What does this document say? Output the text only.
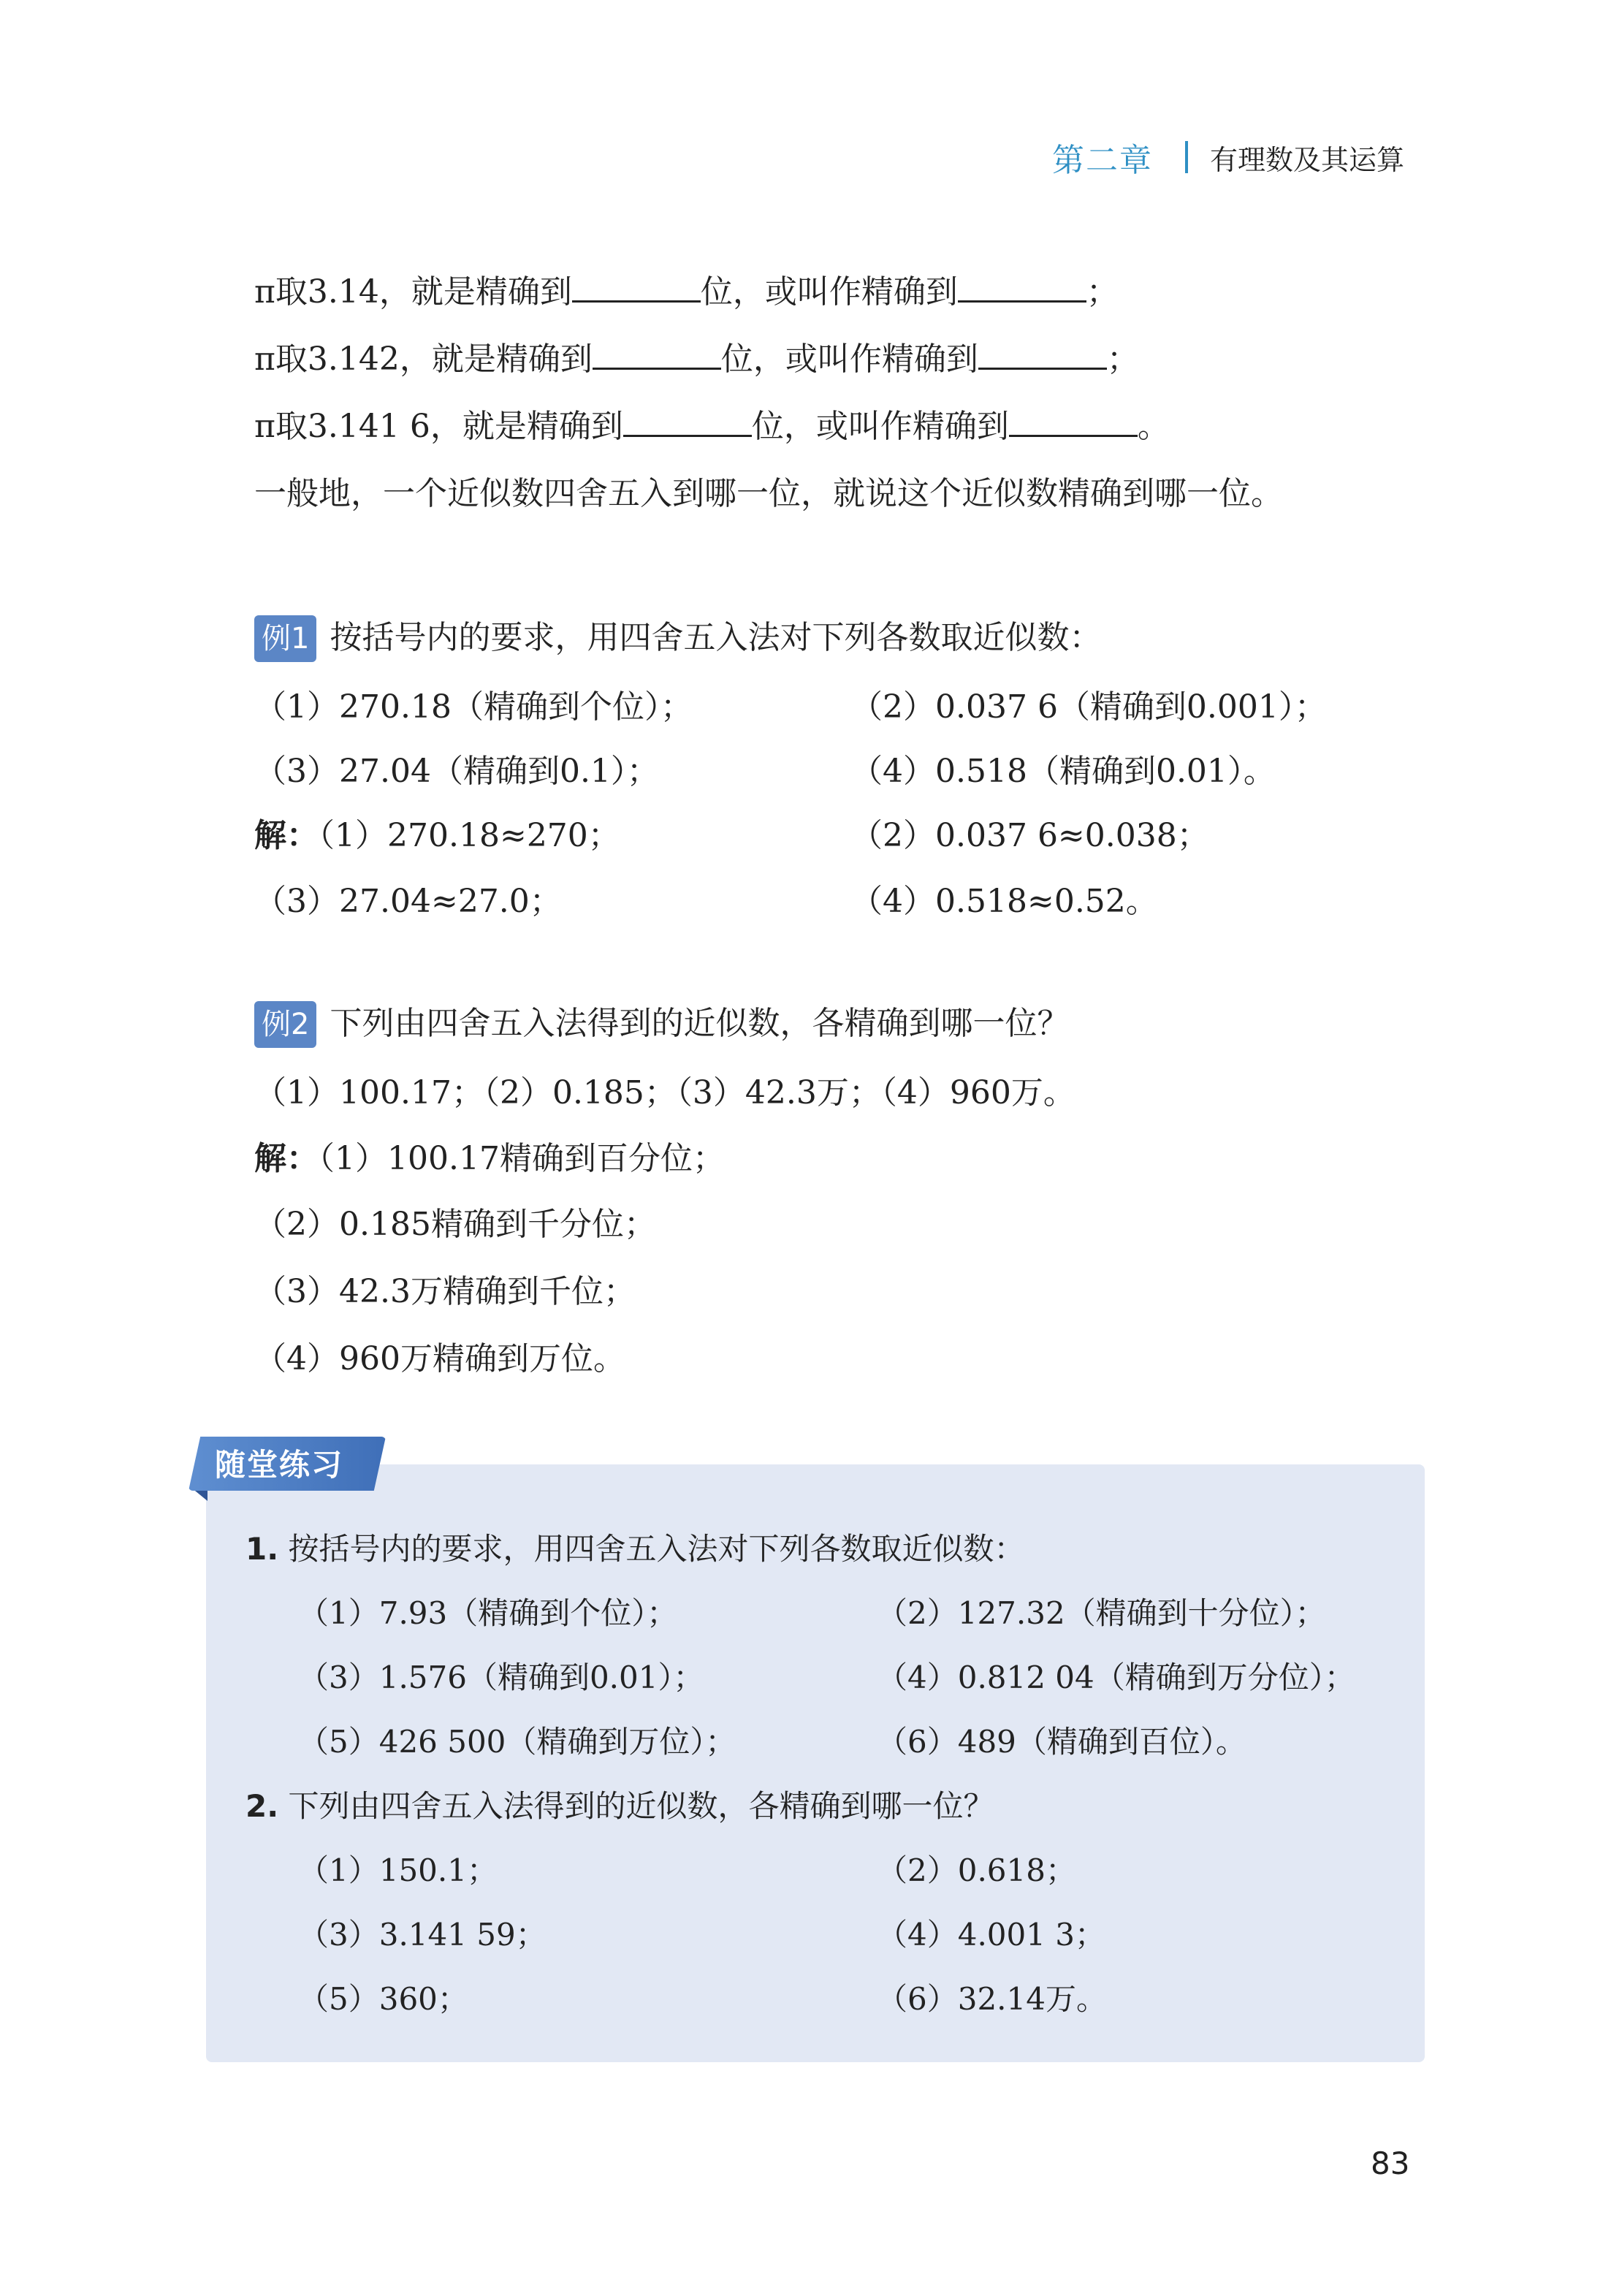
第二章 有理数及其运算
π取3.14，就是精确到	位，或叫作精确到	；
π取3.142，就是精确到	位，或叫作精确到	；
π取3.141 6，就是精确到	位，或叫作精确到	。
一般地，一个近似数四舍五入到哪一位，就说这个近似数精确到哪一位。
例1 按括号内的要求，用四舍五入法对下列各数取近似数：
（1）270.18（精确到个位）；	（2）0.037 6（精确到0.001）；
（3）27.04（精确到0.1）；	（4）0.518（精确到0.01）。
解：（1）270.18≈270；	（2）0.037 6≈0.038；
（3）27.04≈27.0；	（4）0.518≈0.52。
例2 下列由四舍五入法得到的近似数，各精确到哪一位？
（1）100.17；（2）0.185；（3）42.3万；（4）960万。
解：（1）100.17精确到百分位；
（2）0.185精确到千分位；
（3）42.3万精确到千位；
（4）960万精确到万位。
随堂练习
1. 按括号内的要求，用四舍五入法对下列各数取近似数：
（1）7.93（精确到个位）；	（2）127.32（精确到十分位）；
（3）1.576（精确到0.01）；	（4）0.812 04（精确到万分位）；
（5）426 500（精确到万位）；	（6）489（精确到百位）。
2. 下列由四舍五入法得到的近似数，各精确到哪一位？
（1）150.1；	（2）0.618；
（3）3.141 59；	（4）4.001 3；
（5）360；	（6）32.14万。
83
